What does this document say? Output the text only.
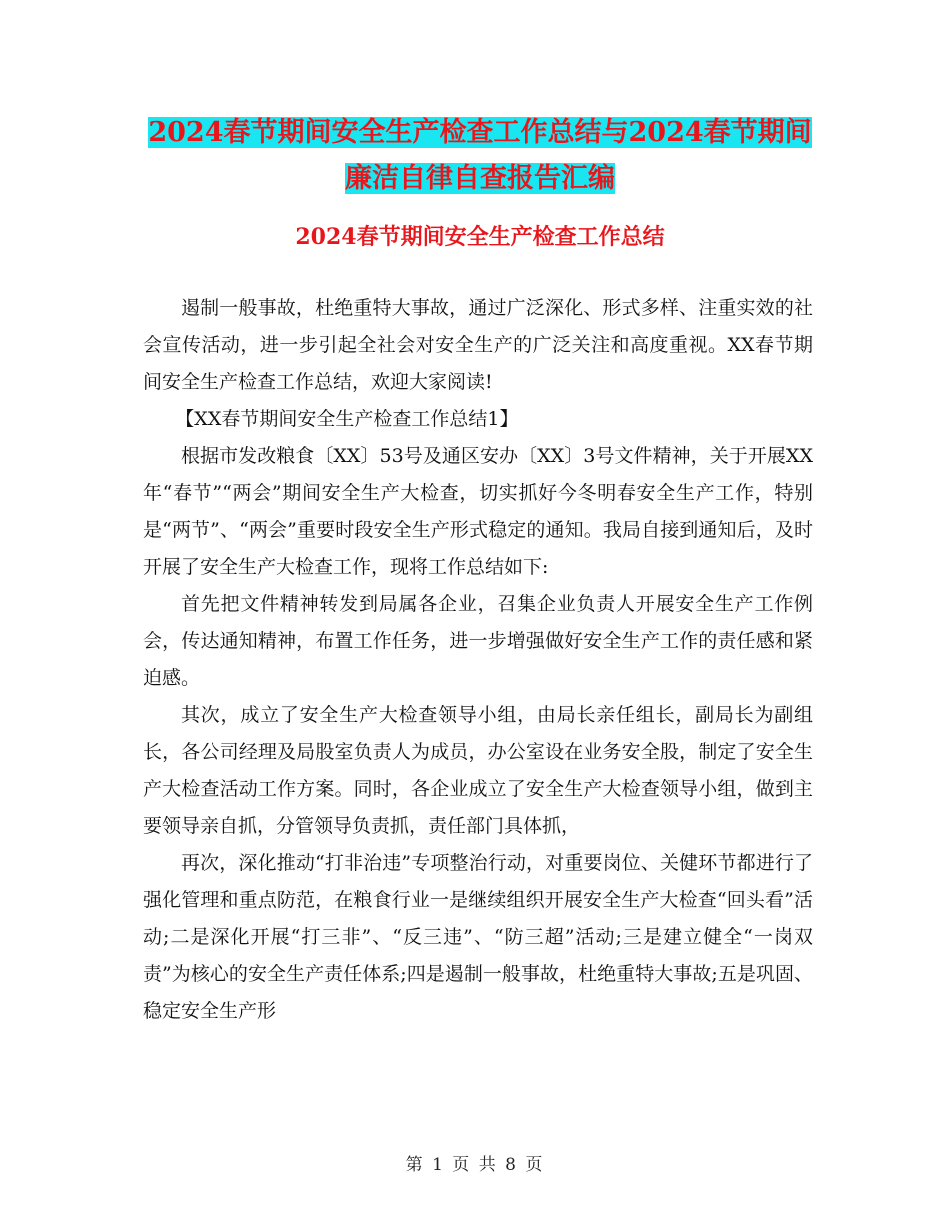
2024春节期间安全生产检查工作总结与2024春节期间廉洁自律自查报告汇编
2024春节期间安全生产检查工作总结

遏制一般事故，杜绝重特大事故，通过广泛深化、形式多样、注重实效的社会宣传活动，进一步引起全社会对安全生产的广泛关注和高度重视。XX春节期间安全生产检查工作总结，欢迎大家阅读!

【XX春节期间安全生产检查工作总结1】

根据市发改粮食〔XX〕53号及通区安办〔XX〕3号文件精神，关于开展XX年“春节”“两会”期间安全生产大检查，切实抓好今冬明春安全生产工作，特别是“两节”、“两会”重要时段安全生产形式稳定的通知。我局自接到通知后，及时开展了安全生产大检查工作，现将工作总结如下:

首先把文件精神转发到局属各企业，召集企业负责人开展安全生产工作例会，传达通知精神，布置工作任务，进一步增强做好安全生产工作的责任感和紧迫感。

其次，成立了安全生产大检查领导小组，由局长亲任组长，副局长为副组长，各公司经理及局股室负责人为成员，办公室设在业务安全股，制定了安全生产大检查活动工作方案。同时，各企业成立了安全生产大检查领导小组，做到主要领导亲自抓，分管领导负责抓，责任部门具体抓，

再次，深化推动“打非治违”专项整治行动，对重要岗位、关健环节都进行了强化管理和重点防范，在粮食行业一是继续组织开展安全生产大检查“回头看”活动;二是深化开展“打三非”、“反三违”、“防三超”活动;三是建立健全“一岗双责”为核心的安全生产责任体系;四是遏制一般事故，杜绝重特大事故;五是巩固、稳定安全生产形

第 1 页 共 8 页
